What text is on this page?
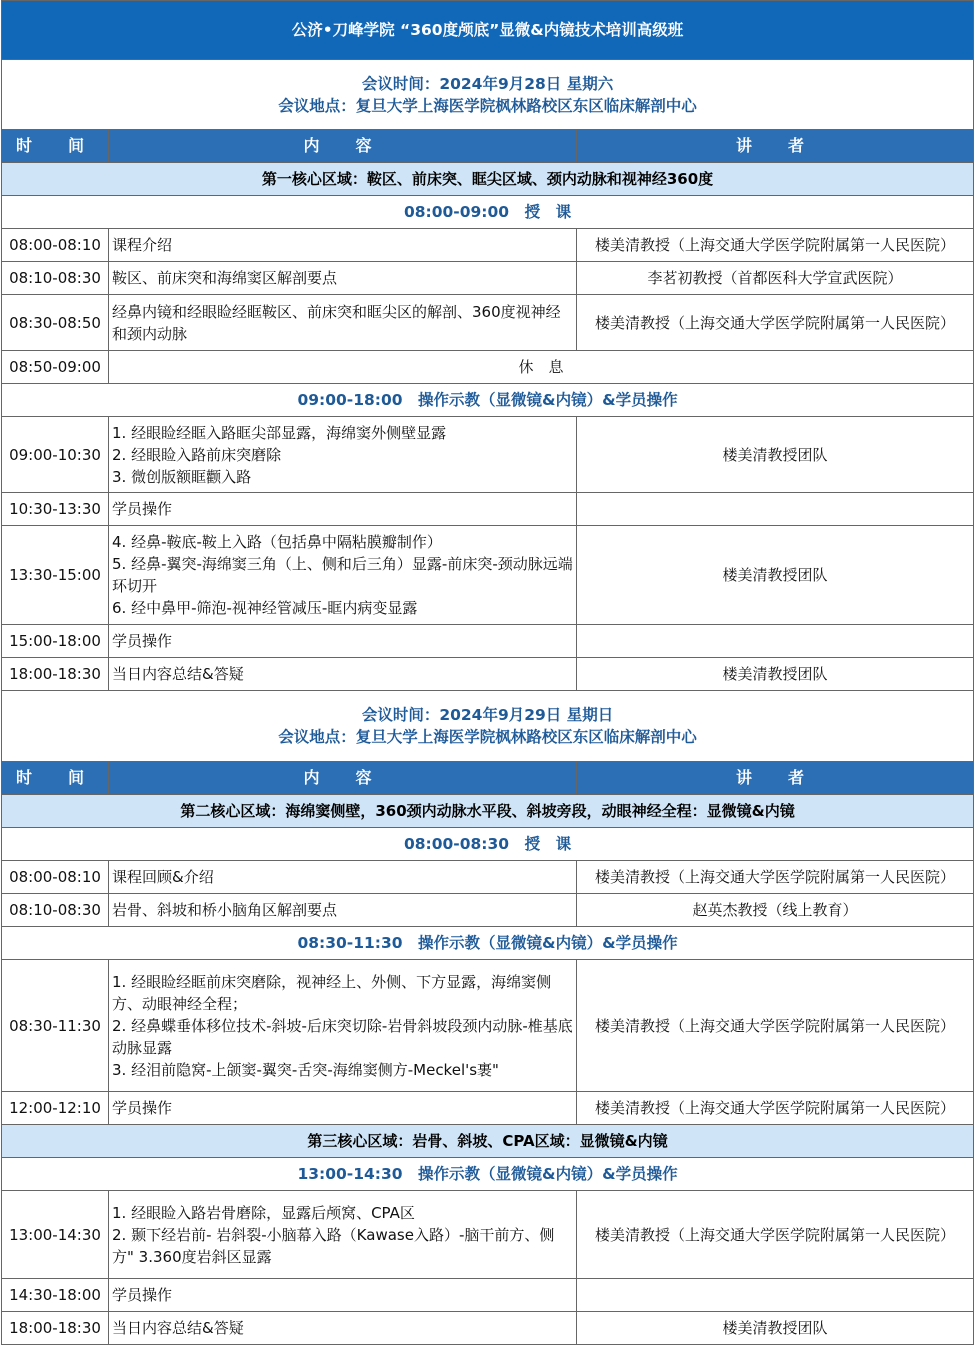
公济•刀峰学院 “360度颅底”显微&内镜技术培训高级班		

会议时间：2024年9月28日 星期六
会议地点：复旦大学上海医学院枫林路校区东区临床解剖中心		

时　间	内　容	讲　者
第一核心区域：鞍区、前床突、眶尖区域、颈内动脉和视神经360度		
08:00-09:00　授　课		
08:00-08:10	课程介绍	楼美清教授（上海交通大学医学院附属第一人民医院）
08:10-08:30	鞍区、前床突和海绵窦区解剖要点	李茗初教授（首都医科大学宣武医院）
08:30-08:50	经鼻内镜和经眼睑经眶鞍区、前床突和眶尖区的解剖、360度视神经和颈内动脉	楼美清教授（上海交通大学医学院附属第一人民医院）
08:50-09:00	休　息	
09:00-18:00　操作示教（显微镜&内镜）&学员操作		
09:00-10:30	1. 经眼睑经眶入路眶尖部显露，海绵窦外侧壁显露
2. 经眼睑入路前床突磨除
3. 微创版额眶颧入路	楼美清教授团队
10:30-13:30	学员操作	
13:30-15:00	4. 经鼻-鞍底-鞍上入路（包括鼻中隔粘膜瓣制作）
5. 经鼻-翼突-海绵窦三角（上、侧和后三角）显露-前床突-颈动脉远端环切开
6. 经中鼻甲-筛泡-视神经管减压-眶内病变显露	楼美清教授团队
15:00-18:00	学员操作	
18:00-18:30	当日内容总结&答疑	楼美清教授团队

会议时间：2024年9月29日 星期日
会议地点：复旦大学上海医学院枫林路校区东区临床解剖中心		

时　间	内　容	讲　者
第二核心区域：海绵窦侧壁，360颈内动脉水平段、斜坡旁段，动眼神经全程：显微镜&内镜		
08:00-08:30　授　课		
08:00-08:10	课程回顾&介绍	楼美清教授（上海交通大学医学院附属第一人民医院）
08:10-08:30	岩骨、斜坡和桥小脑角区解剖要点	赵英杰教授（线上教育）
08:30-11:30　操作示教（显微镜&内镜）&学员操作		
08:30-11:30	1. 经眼睑经眶前床突磨除，视神经上、外侧、下方显露，海绵窦侧方、动眼神经全程；
2. 经鼻蝶垂体移位技术-斜坡-后床突切除-岩骨斜坡段颈内动脉-椎基底动脉显露
3. 经泪前隐窝-上颌窦-翼突-舌突-海绵窦侧方-Meckel's裹"	楼美清教授（上海交通大学医学院附属第一人民医院）
12:00-12:10	学员操作	楼美清教授（上海交通大学医学院附属第一人民医院）
第三核心区域：岩骨、斜坡、CPA区域：显微镜&内镜		
13:00-14:30　操作示教（显微镜&内镜）&学员操作		
13:00-14:30	1. 经眼睑入路岩骨磨除，显露后颅窝、CPA区
2. 颞下经岩前- 岩斜裂-小脑幕入路（Kawase入路）-脑干前方、侧方" 3.360度岩斜区显露	楼美清教授（上海交通大学医学院附属第一人民医院）
14:30-18:00	学员操作	
18:00-18:30	当日内容总结&答疑	楼美清教授团队
